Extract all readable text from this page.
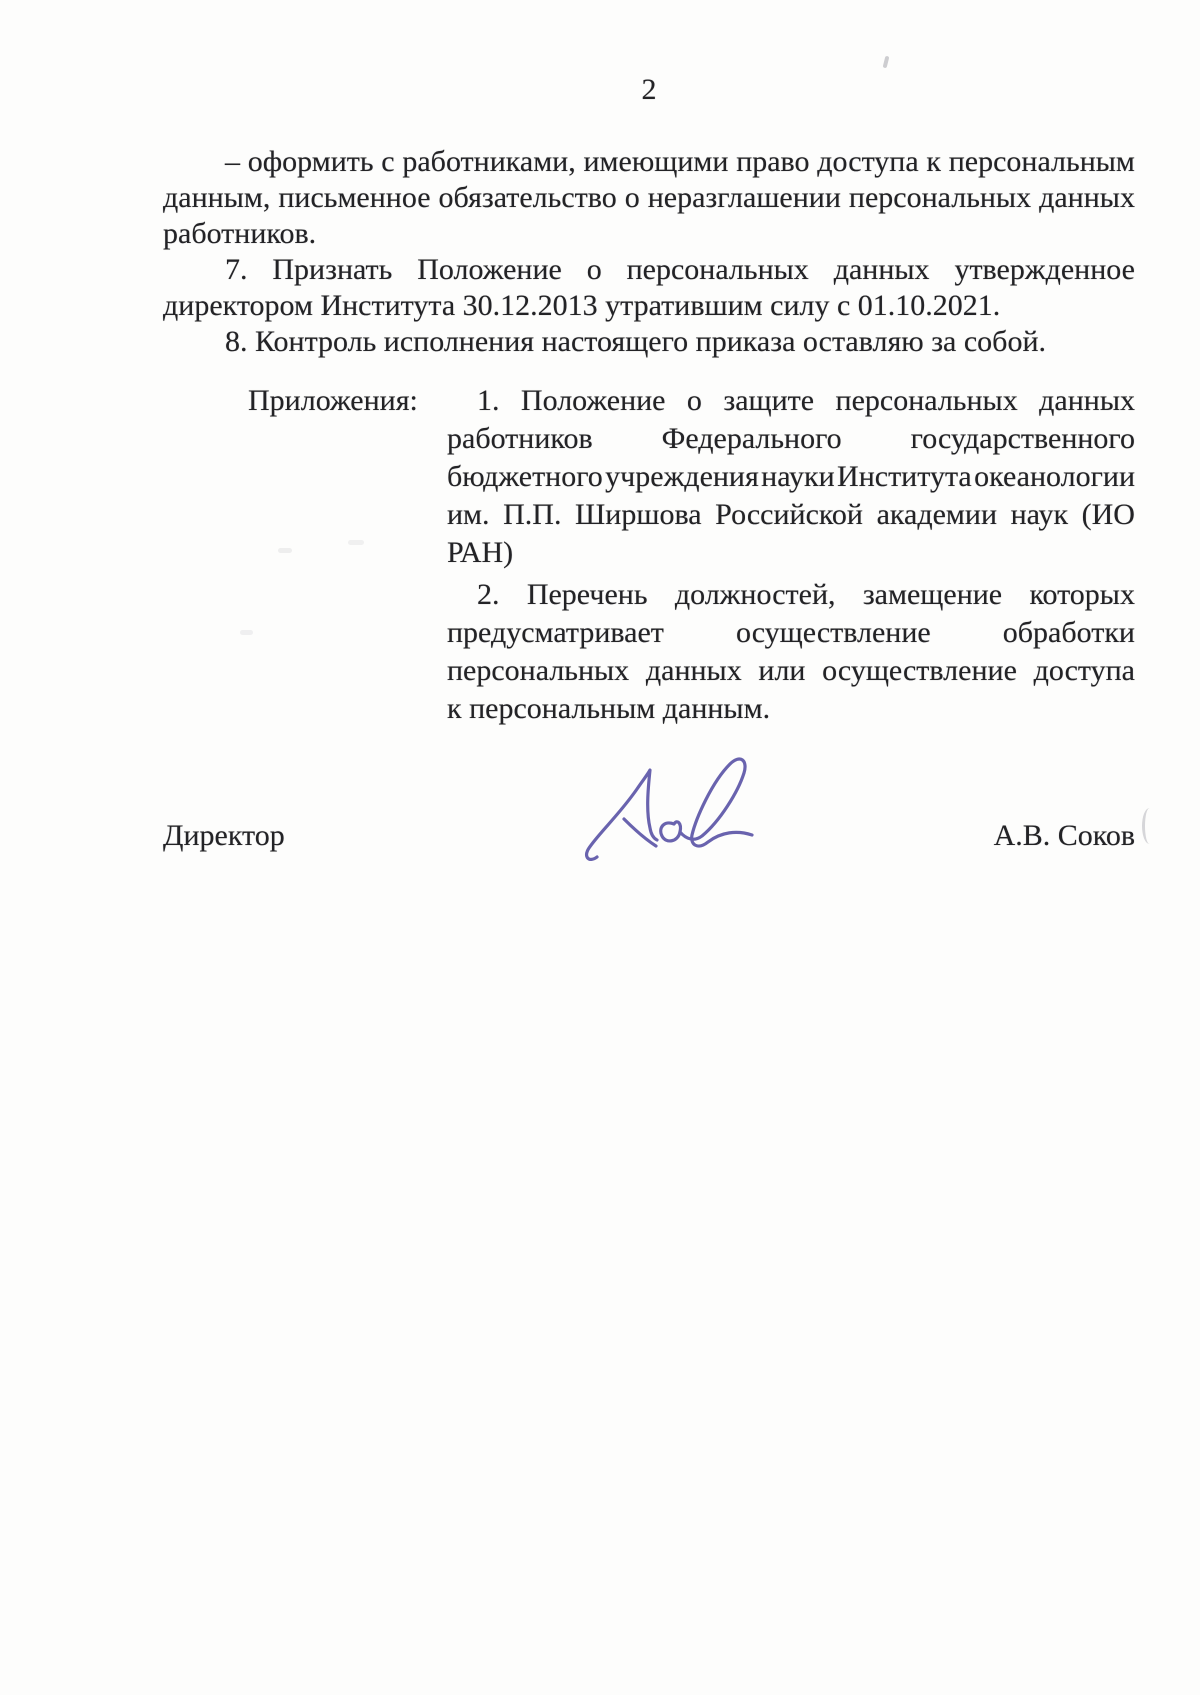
2
– оформить с работниками, имеющими право доступа к персональным
данным, письменное обязательство о неразглашении персональных данных
работников.
7. Признать Положение о персональных данных утвержденное
директором Института 30.12.2013 утратившим силу с 01.10.2021.
8. Контроль исполнения настоящего приказа оставляю за собой.
Приложения:	1. Положение о защите персональных данных
работников Федерального государственного
бюджетного учреждения науки Института океанологии
им. П.П. Ширшова Российской академии наук (ИО
РАН)
2. Перечень должностей, замещение которых
предусматривает осуществление обработки
персональных данных или осуществление доступа
к персональным данным.
Директор	А.В. Соков
